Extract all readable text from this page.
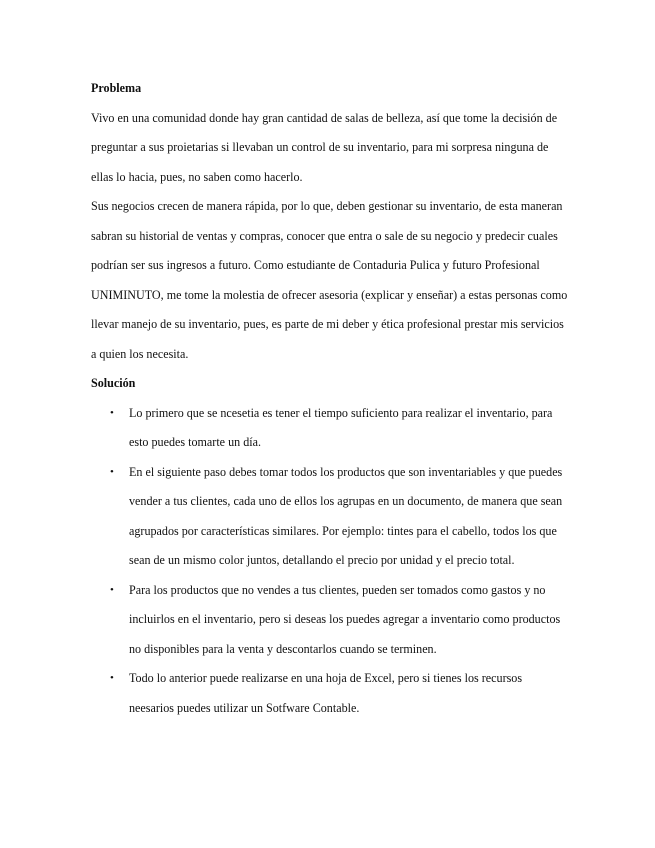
Problema

Vivo en una comunidad donde hay gran cantidad de salas de belleza, así que tome la decisión de preguntar a sus proietarias si llevaban un control de su inventario, para mi sorpresa ninguna de ellas lo hacia, pues, no saben como hacerlo.

Sus negocios crecen de manera rápida, por lo que, deben gestionar su inventario, de esta maneran sabran su historial de ventas y compras, conocer que entra o sale de su negocio y predecir cuales podrían ser sus ingresos a futuro. Como estudiante de Contaduria Pulica y futuro Profesional UNIMINUTO, me tome la molestia de ofrecer asesoria (explicar y enseñar) a estas personas como llevar manejo de su inventario, pues, es parte de mi deber y ética profesional prestar mis servicios a quien los necesita.

Solución

• Lo primero que se ncesetia es tener el tiempo suficiento para realizar el inventario, para esto puedes tomarte un día.
• En el siguiente paso debes tomar todos los productos que son inventariables y que puedes vender a tus clientes, cada uno de ellos los agrupas en un documento, de manera que sean agrupados por características similares. Por ejemplo: tintes para el cabello, todos los que sean de un mismo color juntos, detallando el precio por unidad y el precio total.
• Para los productos que no vendes a tus clientes, pueden ser tomados como gastos y no incluirlos en el inventario, pero si deseas los puedes agregar a inventario como productos no disponibles para la venta y descontarlos cuando se terminen.
• Todo lo anterior puede realizarse en una hoja de Excel, pero si tienes los recursos neesarios puedes utilizar un Sotfware Contable.
